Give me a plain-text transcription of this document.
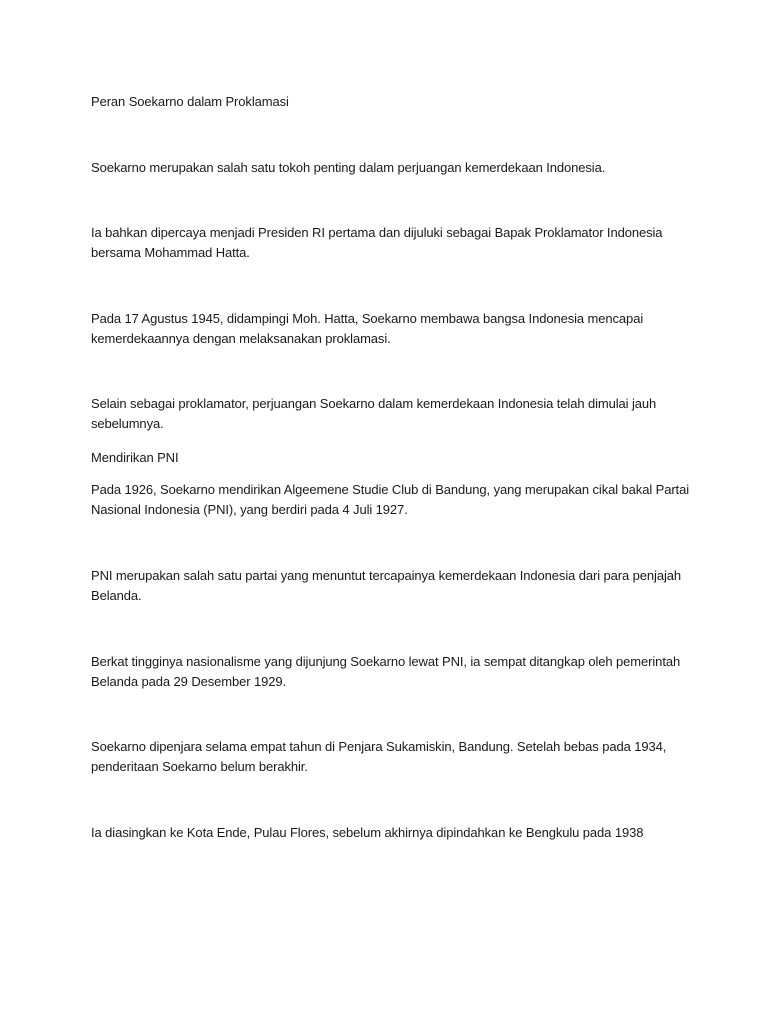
Peran Soekarno dalam Proklamasi

Soekarno merupakan salah satu tokoh penting dalam perjuangan kemerdekaan Indonesia.

Ia bahkan dipercaya menjadi Presiden RI pertama dan dijuluki sebagai Bapak Proklamator Indonesia bersama Mohammad Hatta.

Pada 17 Agustus 1945, didampingi Moh. Hatta, Soekarno membawa bangsa Indonesia mencapai kemerdekaannya dengan melaksanakan proklamasi.

Selain sebagai proklamator, perjuangan Soekarno dalam kemerdekaan Indonesia telah dimulai jauh sebelumnya.

Mendirikan PNI

Pada 1926, Soekarno mendirikan Algeemene Studie Club di Bandung, yang merupakan cikal bakal Partai Nasional Indonesia (PNI), yang berdiri pada 4 Juli 1927.

PNI merupakan salah satu partai yang menuntut tercapainya kemerdekaan Indonesia dari para penjajah Belanda.

Berkat tingginya nasionalisme yang dijunjung Soekarno lewat PNI, ia sempat ditangkap oleh pemerintah Belanda pada 29 Desember 1929.

Soekarno dipenjara selama empat tahun di Penjara Sukamiskin, Bandung. Setelah bebas pada 1934, penderitaan Soekarno belum berakhir.

Ia diasingkan ke Kota Ende, Pulau Flores, sebelum akhirnya dipindahkan ke Bengkulu pada 1938
